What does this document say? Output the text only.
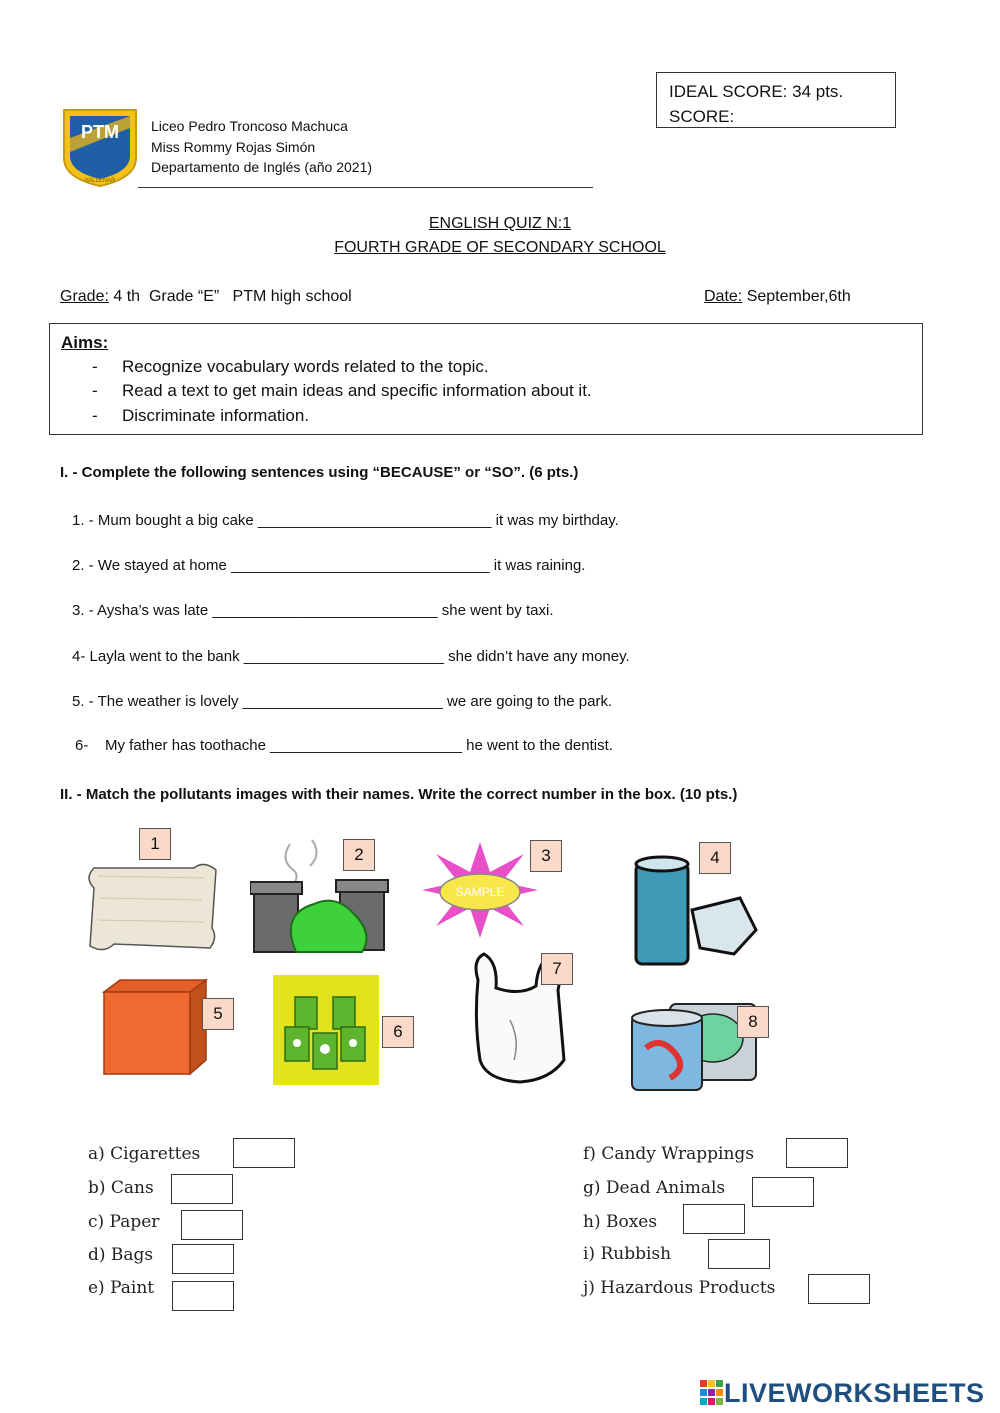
IDEAL SCORE: 34 pts.
SCORE:
PTM
VALLENAR
Liceo Pedro Troncoso Machuca
Miss Rommy Rojas Simón
Departamento de Inglés (año 2021)
ENGLISH QUIZ N:1
FOURTH GRADE OF SECONDARY SCHOOL
Grade: 4 th  Grade “E”   PTM high school	Date: September,6th
Aims:
- Recognize vocabulary words related to the topic.
- Read a text to get main ideas and specific information about it.
- Discriminate information.
I. - Complete the following sentences using “BECAUSE” or “SO”. (6 pts.)
1. - Mum bought a big cake ____________________________ it was my birthday.
2. - We stayed at home _______________________________ it was raining.
3. - Aysha’s was late ___________________________ she went by taxi.
4- Layla went to the bank ________________________ she didn’t have any money.
5. - The weather is lovely ________________________ we are going to the park.
6-    My father has toothache _______________________ he went to the dentist.
II. - Match the pollutants images with their names. Write the correct number in the box. (10 pts.)
1
2
SAMPLE
3	4
5
6
7
8
a) Cigarettes
b) Cans
c) Paper
d) Bags
e) Paint
f) Candy Wrappings
g) Dead Animals
h) Boxes
i) Rubbish
j) Hazardous Products
LIVEWORKSHEETS
